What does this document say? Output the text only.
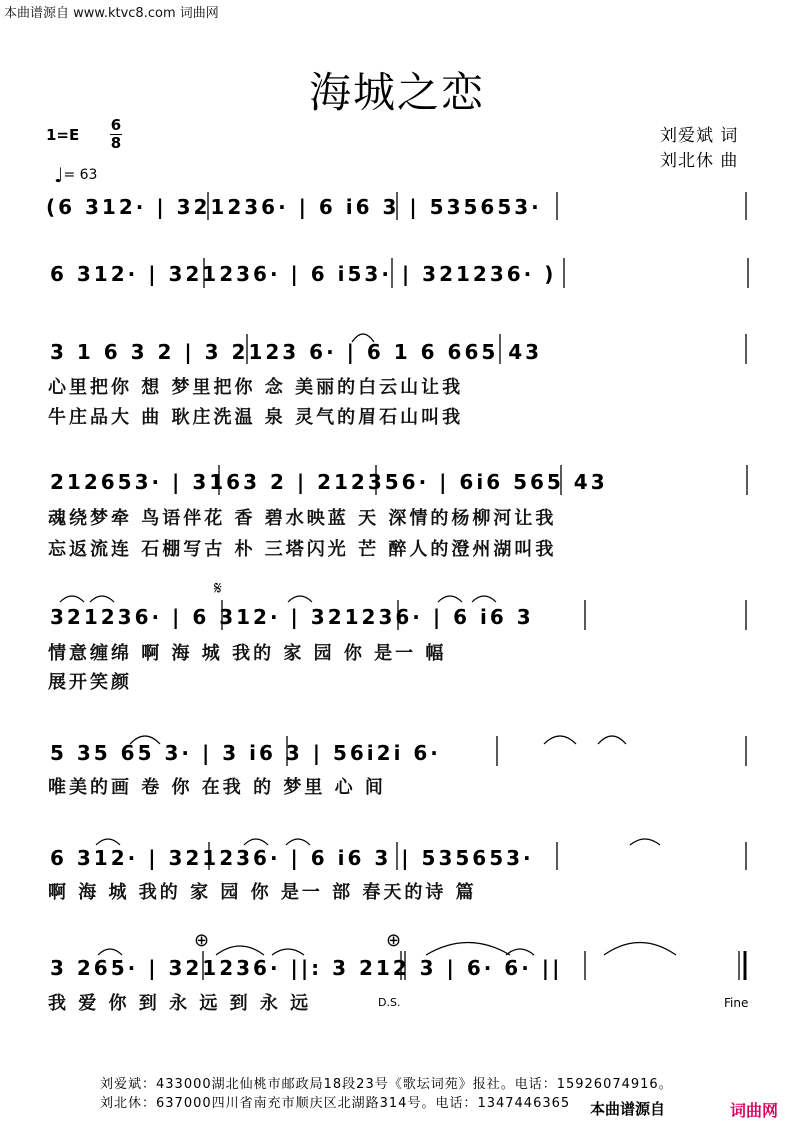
本曲谱源自 www.ktvc8.com 词曲网
海城之恋
1=E
6
8
♩= 63
刘爱斌 词
刘北休 曲
(6 312· | 321236· | 6 i6 3 | 535653·
6 312· | 321236· | 6 i53· | 321236· )
3 1 6 3 2 | 3 2123 6· | 6 1 6 665 43
心里把你 想 梦里把你 念 美丽的白云山让我
牛庄品大 曲 耿庄洗温 泉 灵气的眉石山叫我
212653· | 3163 2 | 212356· | 6i6 565 43
魂绕梦牵 鸟语伴花 香 碧水映蓝 天 深情的杨柳河让我
忘返流连 石棚写古 朴 三塔闪光 芒 醉人的澄州湖叫我
𝄋
321236· | 6 312· | 321236· | 6 i6 3
情意缠绵 啊 海 城 我的 家 园 你 是一 幅
展开笑颜
5 35 65 3· | 3 i6 3 | 56i2i 6·
唯美的画 卷 你 在我 的 梦里 心 间
6 312· | 321236· | 6 i6 3 | 535653·
啊 海 城 我的 家 园 你 是一 部 春天的诗 篇
⊕	⊕
3 265· | 321236· ||: 3 212 3 | 6· 6· ||
我 爱 你 到 永 远 到 永 远	D.S.	Fine
刘爱斌：433000湖北仙桃市邮政局18段23号《歌坛词苑》报社。电话：15926074916。
刘北休：637000四川省南充市顺庆区北湖路314号。电话：1347446365 本曲谱源自	词曲网
